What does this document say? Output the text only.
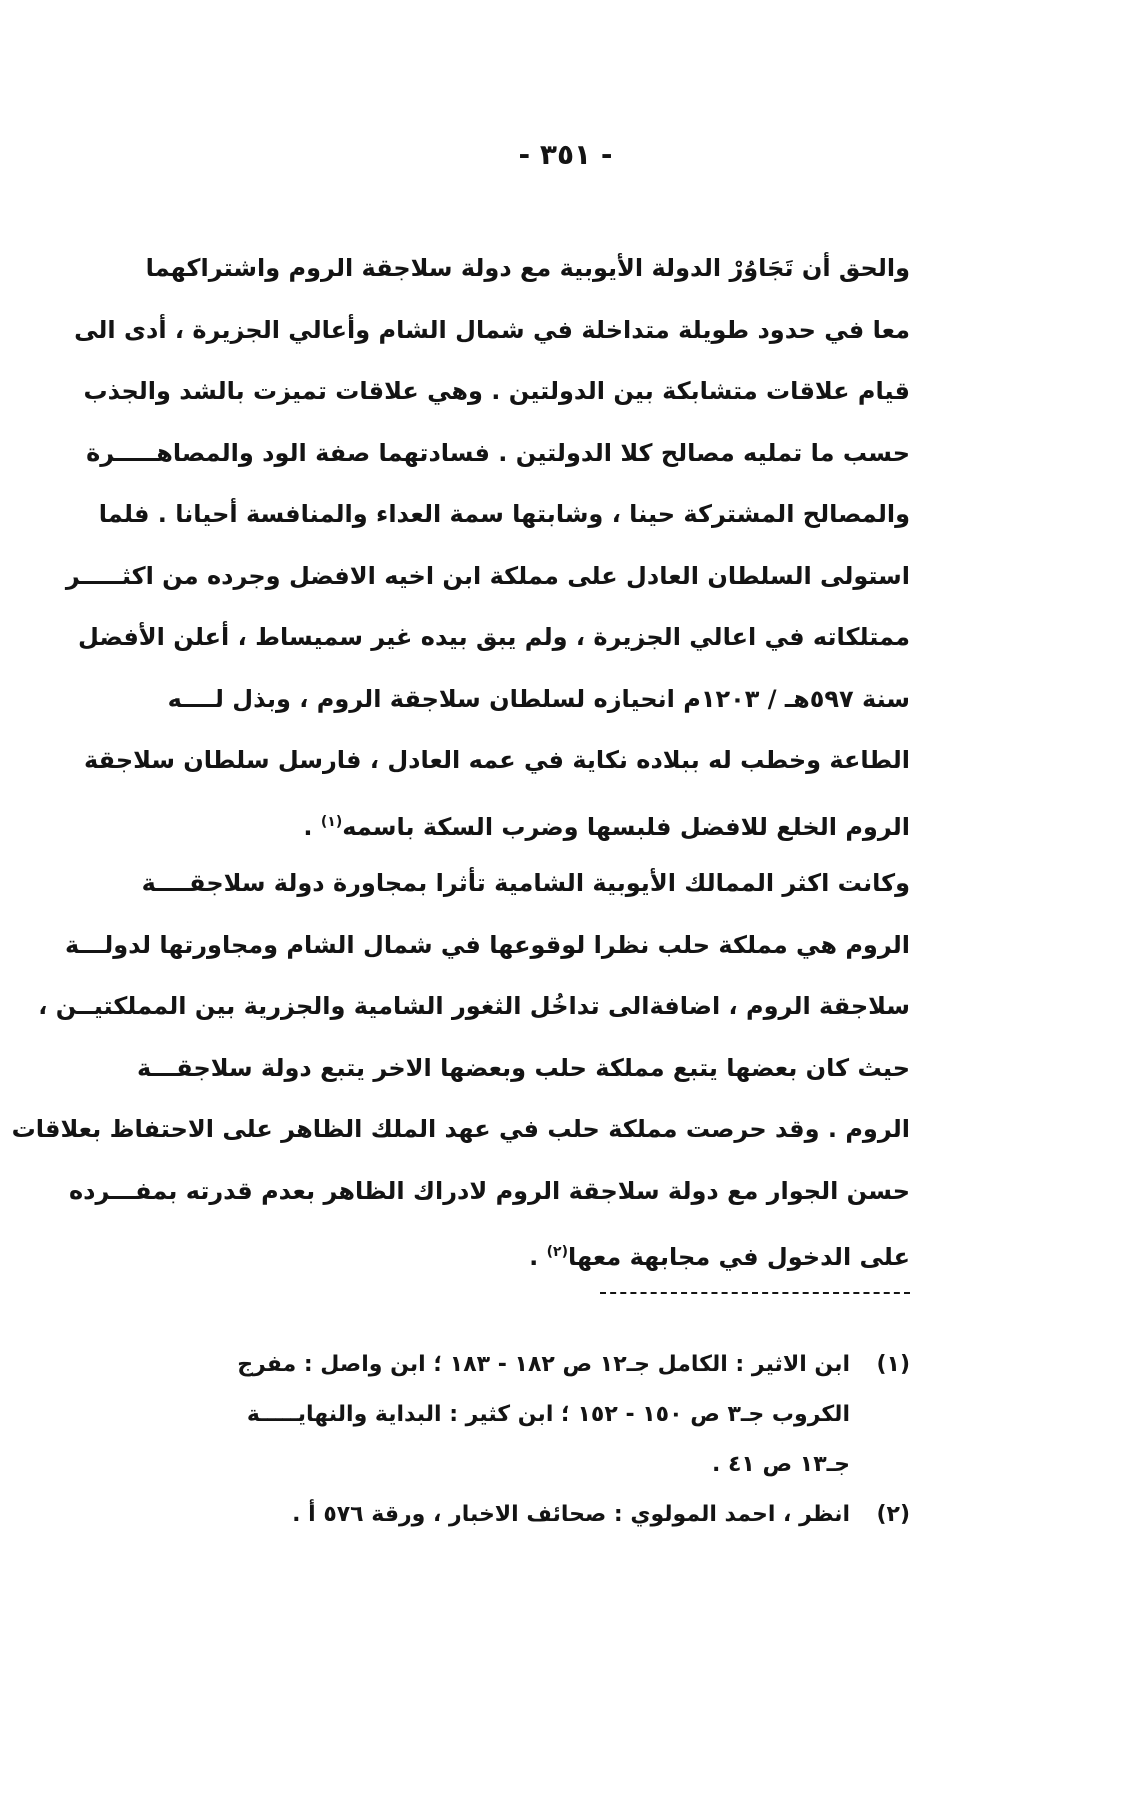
- ٣٥١ -
والحق أن تَجَاوُرْ الدولة الأيوبية مع دولة سلاجقة الروم واشتراكهما
معا في حدود طويلة متداخلة في شمال الشام وأعالي الجزيرة ، أدى الى
قيام علاقات متشابكة بين الدولتين . وهي علاقات تميزت بالشد والجذب
حسب ما تمليه مصالح كلا الدولتين . فسادتهما صفة الود والمصاهـــــرة
والمصالح المشتركة حينا ، وشابتها سمة العداء والمنافسة أحيانا . فلما
استولى السلطان العادل على مملكة ابن اخيه الافضل وجرده من اكثـــــر
ممتلكاته في اعالي الجزيرة ، ولم يبق بيده غير سميساط ، أعلن الأفضل
سنة ٥٩٧هـ / ١٢٠٣م انحيازه لسلطان سلاجقة الروم ، وبذل لــــه
الطاعة وخطب له ببلاده نكاية في عمه العادل ، فارسل سلطان سلاجقة
الروم الخلع للافضل فلبسها وضرب السكة باسمه$^{(١)}$ .
وكانت اكثر الممالك الأيوبية الشامية تأثرا بمجاورة دولة سلاجقــــة
الروم هي مملكة حلب نظرا لوقوعها في شمال الشام ومجاورتها لدولـــة
سلاجقة الروم ، اضافةالى تداخُل الثغور الشامية والجزرية بين المملكتيــن ،
حيث كان بعضها يتبع مملكة حلب وبعضها الاخر يتبع دولة سلاجقـــة
الروم . وقد حرصت مملكة حلب في عهد الملك الظاهر على الاحتفاظ بعلاقات
حسن الجوار مع دولة سلاجقة الروم لادراك الظاهر بعدم قدرته بمفـــرده
على الدخول في مجابهة معها$^{(٢)}$ .
(١)
ابن الاثير : الكامل جـ١٢ ص ١٨٢ - ١٨٣ ؛ ابن واصل : مفرج
الكروب جـ٣ ص ١٥٠ - ١٥٢ ؛ ابن كثير : البداية والنهايـــــة
جـ١٣ ص ٤١ .
(٢)
انظر ، احمد المولوي : صحائف الاخبار ، ورقة ٥٧٦ أ .
